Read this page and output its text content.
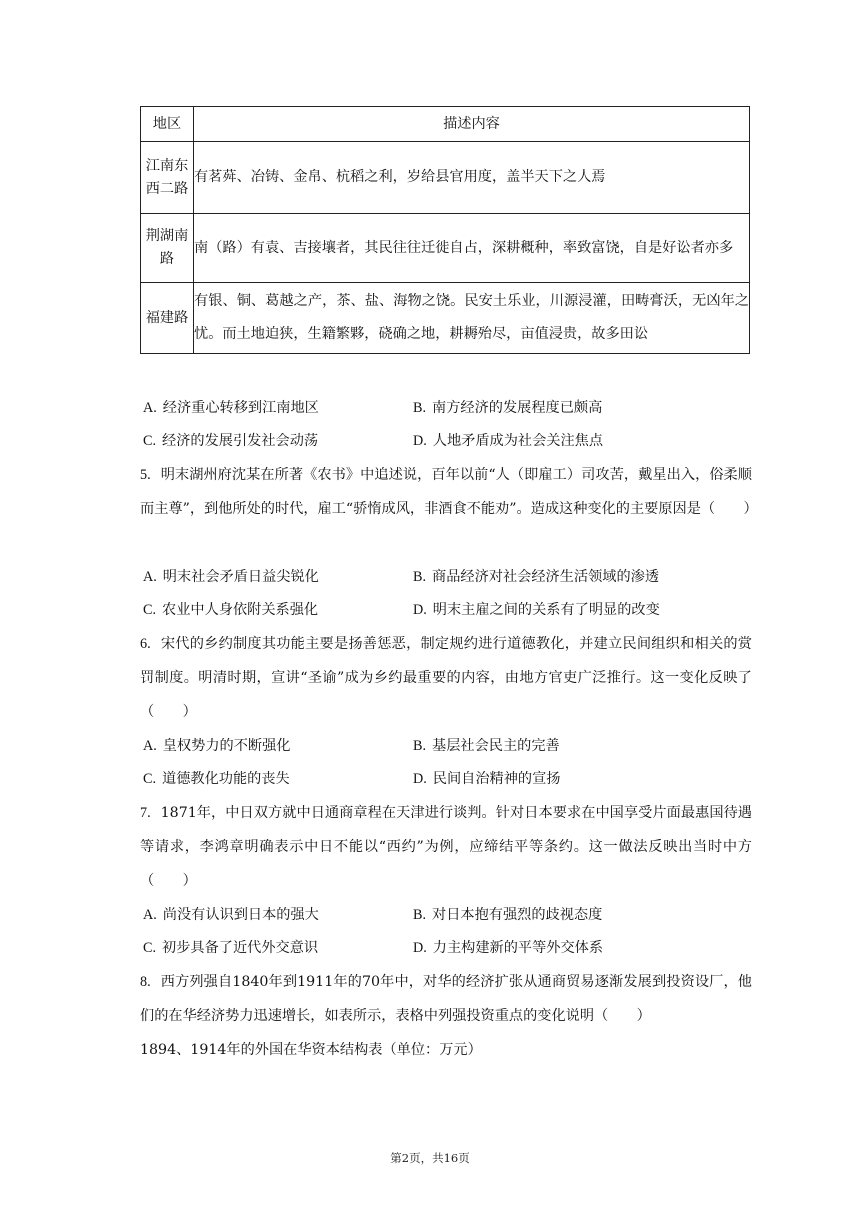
地区	描述内容
江南东
西二路	有茗荈、冶铸、金帛、杭稻之利，岁给县官用度，盖半天下之人焉
荆湖南
路	南（路）有袁、吉接壤者，其民往往迁徙自占，深耕穊种，率致富饶，自是好讼者亦多
福建路	有银、铜、葛越之产，茶、盐、海物之饶。民安土乐业，川源浸灌，田畴膏沃，无凶年之忧。而土地迫狭，生籍繁夥，硗确之地，耕耨殆尽，亩值浸贵，故多田讼
A. 经济重心转移到江南地区	B. 南方经济的发展程度已颇高
C. 经济的发展引发社会动荡	D. 人地矛盾成为社会关注焦点
5. 明末湖州府沈某在所著《农书》中追述说，百年以前“人（即雇工）司攻苦，戴星出入，俗柔顺而主尊”，到他所处的时代，雇工“骄惰成风，非酒食不能劝”。造成这种变化的主要原因是（　　）
A. 明末社会矛盾日益尖锐化	B. 商品经济对社会经济生活领域的渗透
C. 农业中人身依附关系强化	D. 明末主雇之间的关系有了明显的改变
6. 宋代的乡约制度其功能主要是扬善惩恶，制定规约进行道德教化，并建立民间组织和相关的赏罚制度。明清时期，宣讲“圣谕”成为乡约最重要的内容，由地方官吏广泛推行。这一变化反映了（　　）
A. 皇权势力的不断强化	B. 基层社会民主的完善
C. 道德教化功能的丧失	D. 民间自治精神的宣扬
7. 1871年，中日双方就中日通商章程在天津进行谈判。针对日本要求在中国享受片面最惠国待遇等请求，李鸿章明确表示中日不能以“西约”为例，应缔结平等条约。这一做法反映出当时中方（　　）
A. 尚没有认识到日本的强大	B. 对日本抱有强烈的歧视态度
C. 初步具备了近代外交意识	D. 力主构建新的平等外交体系
8. 西方列强自1840年到1911年的70年中，对华的经济扩张从通商贸易逐渐发展到投资设厂，他们的在华经济势力迅速增长，如表所示，表格中列强投资重点的变化说明（　　）
1894、1914年的外国在华资本结构表（单位：万元）
第2页，共16页
